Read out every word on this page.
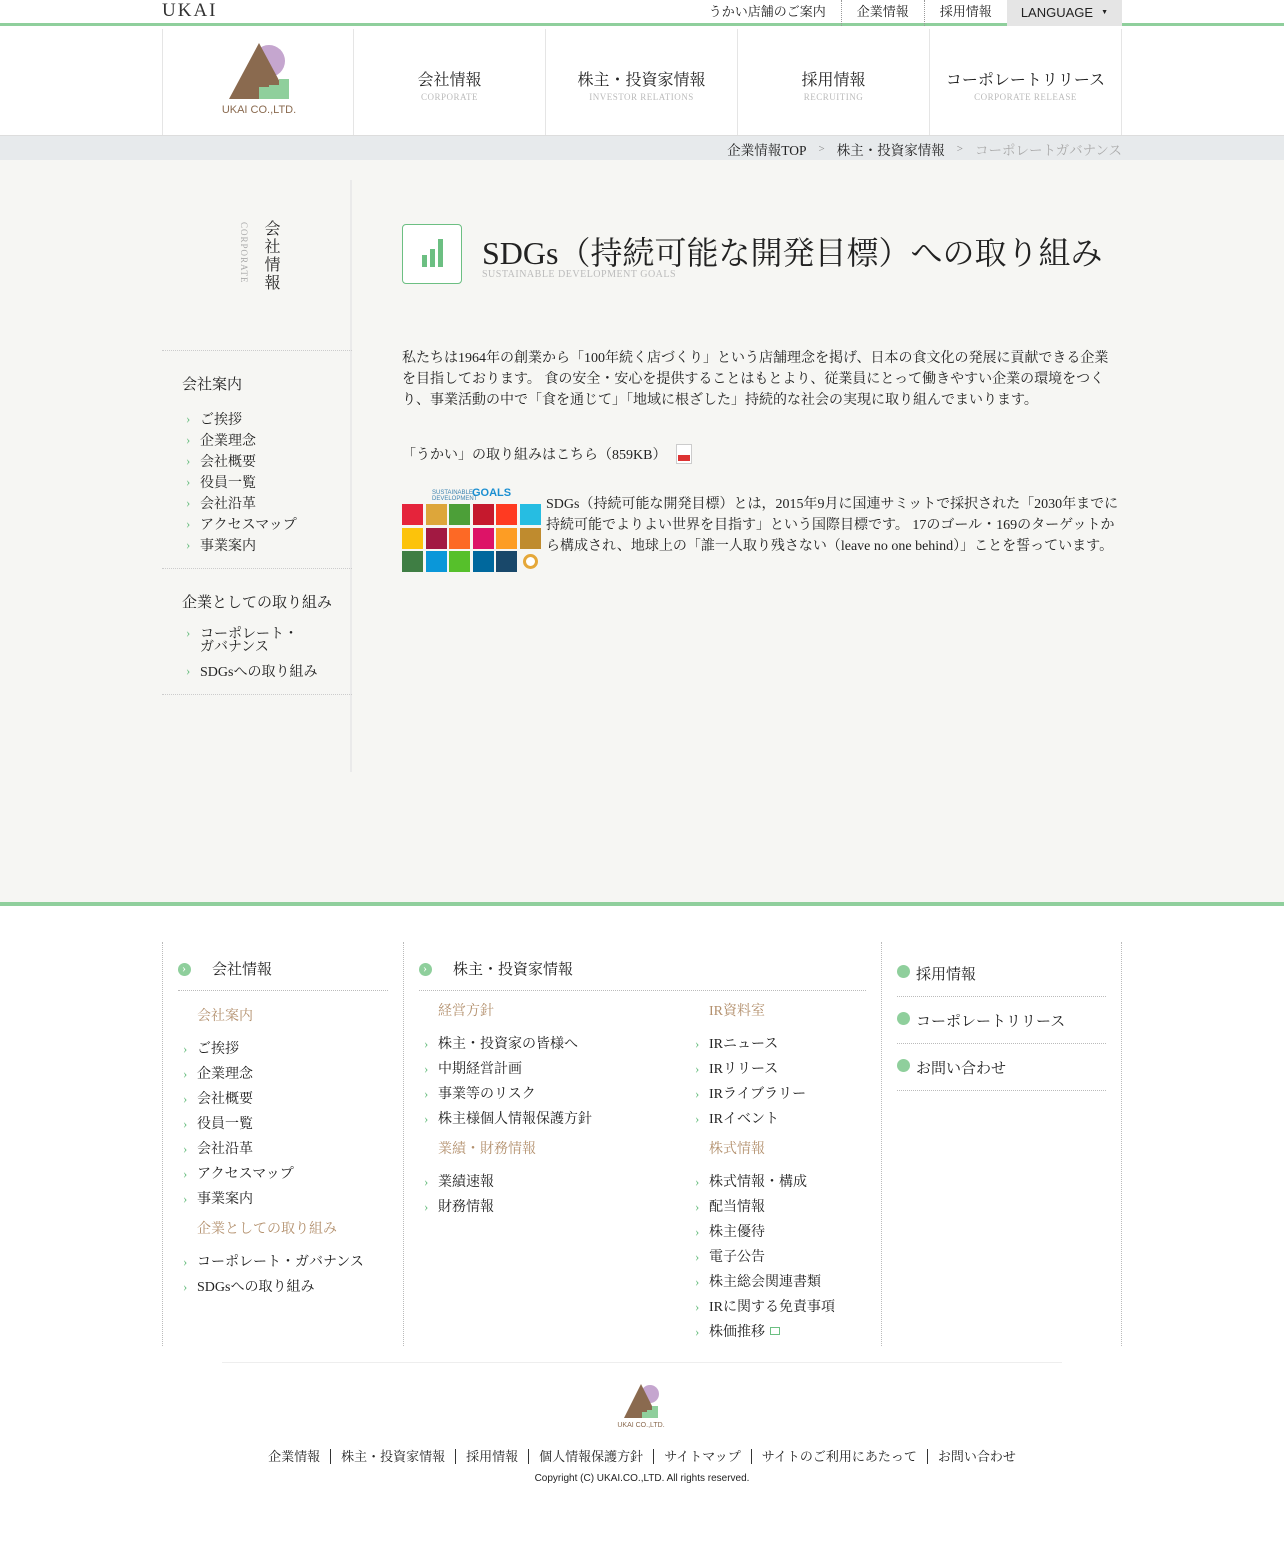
UKAI	うかい店舗のご案内	企業情報	採用情報	LANGUAGE ▼
UKAI CO.,LTD.
会社情報
CORPORATE
株主・投資家情報
INVESTOR RELATIONS
採用情報
RECRUITING
コーポレートリリース
CORPORATE RELEASE
企業情報TOP > 株主・投資家情報 > コーポレートガバナンス
会社情報
CORPORATE
会社案内
› ご挨拶
› 企業理念
› 会社概要
› 役員一覧
› 会社沿革
› アクセスマップ
› 事業案内
企業としての取り組み
› コーポレート・
ガバナンス
› SDGsへの取り組み
SDGs（持続可能な開発目標）への取り組み
SUSTAINABLE DEVELOPMENT GOALS

私たちは1964年の創業から「100年続く店づくり」という店舗理念を掲げ、日本の食文化の発展に貢献できる企業を目指しております。 食の安全・安心を提供することはもとより、従業員にとって働きやすい企業の環境をつくり、事業活動の中で「食を通じて」「地域に根ざした」持続的な社会の実現に取り組んでまいります。

「うかい」の取り組みはこちら（859KB）
SUSTAINABLE
DEVELOPMENT
GOALS

SDGs（持続可能な開発目標）とは，2015年9月に国連サミットで採択された「2030年までに持続可能でよりよい世界を目指す」という国際目標です。 17のゴール・169のターゲットから構成され、地球上の「誰一人取り残さない（leave no one behind）」ことを誓っています。

会社情報 ›
会社案内
› ご挨拶
› 企業理念
› 会社概要
› 役員一覧
› 会社沿革
› アクセスマップ
› 事業案内
企業としての取り組み
› コーポレート・ガバナンス
› SDGsへの取り組み
株主・投資家情報 ›
経営方針
› 株主・投資家の皆様へ
› 中期経営計画
› 事業等のリスク
› 株主様個人情報保護方針
業績・財務情報
› 業績速報
› 財務情報
IR資料室
› IRニュース
› IRリリース
› IRライブラリー
› IRイベント
株式情報
› 株式情報・構成
› 配当情報
› 株主優待
› 電子公告
› 株主総会関連書類
› IRに関する免責事項
› 株価推移
採用情報
コーポレートリリース
お問い合わせ
UKAI CO.,LTD.
企業情報 株主・投資家情報 採用情報 個人情報保護方針 サイトマップ サイトのご利用にあたって お問い合わせ
Copyright (C) UKAI.CO.,LTD. All rights reserved.
